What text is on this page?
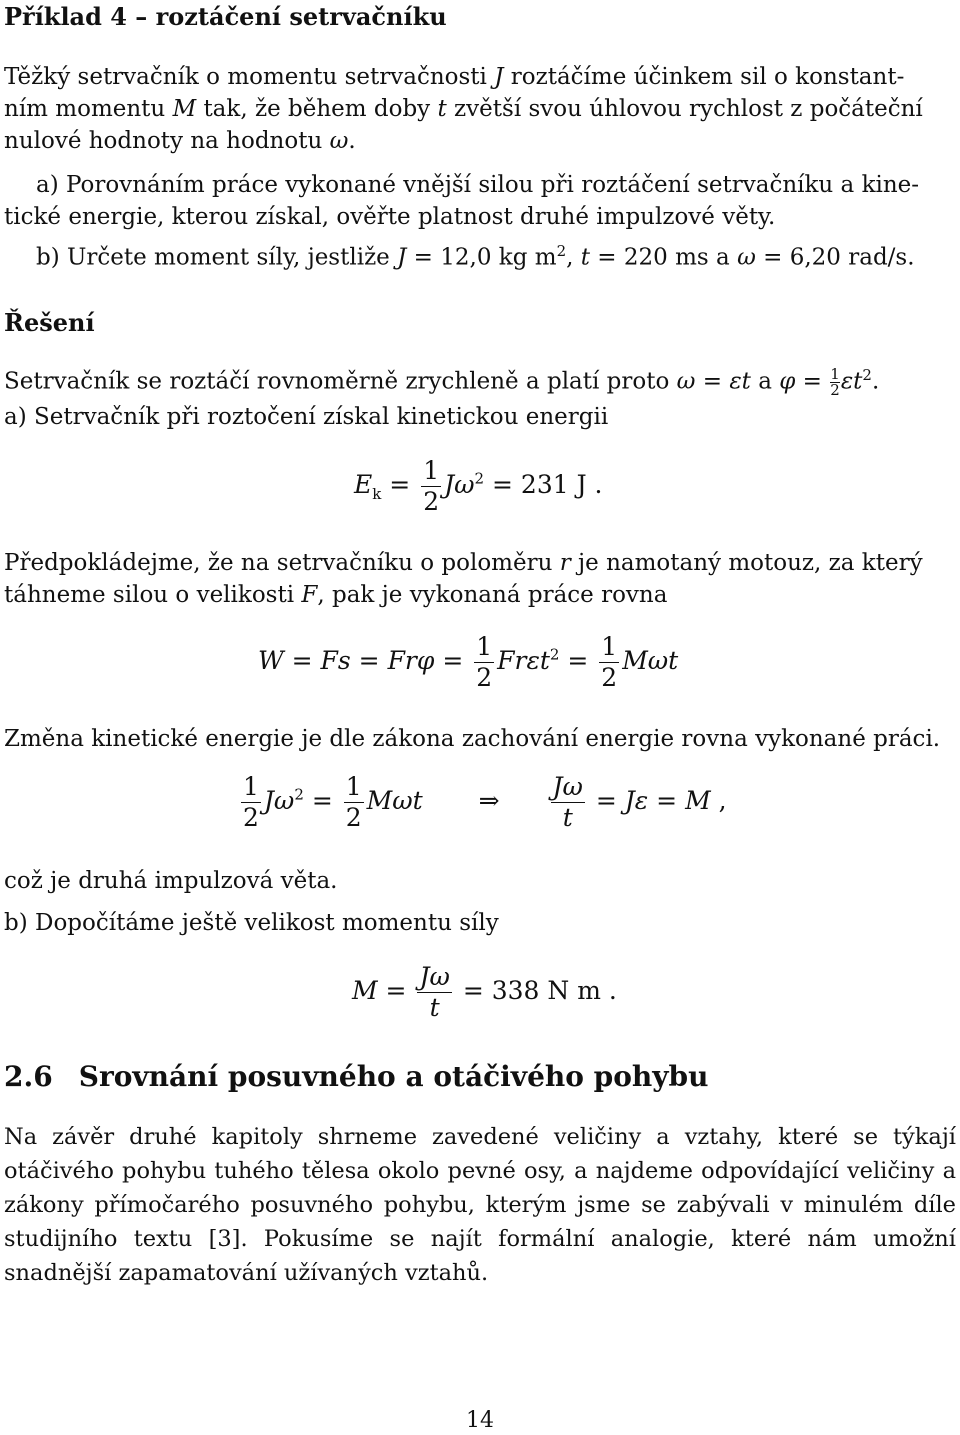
Příklad 4 – roztáčení setrvačníku
Těžký setrvačník o momentu setrvačnosti J roztáčíme účinkem sil o konstant-
ním momentu M tak, že během doby t zvětší svou úhlovou rychlost z počáteční
nulové hodnoty na hodnotu ω.
a) Porovnáním práce vykonané vnější silou při roztáčení setrvačníku a kine-
tické energie, kterou získal, ověřte platnost druhé impulzové věty.
b) Určete moment síly, jestliže J = 12,0 kg $m^2$, t = 220 ms a ω = 6,20 rad/s.
Řešení
Setrvačník se roztáčí rovnoměrně zrychleně a platí proto ω = εt a $\varphi = \frac{1}{2} \varepsilon t^2$.
a) Setrvačník při roztočení získal kinetickou energii
$E_k = \frac{1}{2} J\omega^2 = 231$ J .
Předpokládejme, že na setrvačníku o poloměru r je namotaný motouz, za který
táhneme silou o velikosti F, pak je vykonaná práce rovna
$W = Fs = Fr\varphi = \frac{1}{2} Fr\varepsilon t^2 = \frac{1}{2}$ Mωt
Změna kinetické energie je dle zákona zachování energie rovna vykonané práci.
$\frac{1}{2} J\omega^2 = \frac{1}{2}$ Mωt ⇒ $\frac{J\omega}{t} = J\varepsilon = M$ ,
což je druhá impulzová věta.
b) Dopočítáme ještě velikost momentu síly
$M = \frac{J\omega}{t} = 338$ N m .
2.6 Srovnání posuvného a otáčivého pohybu
Na závěr druhé kapitoly shrneme zavedené veličiny a vztahy, které se týkají otáčivého pohybu tuhého tělesa okolo pevné osy, a najdeme odpovídající veličiny a zákony přímočarého posuvného pohybu, kterým jsme se zabývali v minulém díle studijního textu [3]. Pokusíme se najít formální analogie, které nám umožní snadnější zapamatování užívaných vztahů.
14
